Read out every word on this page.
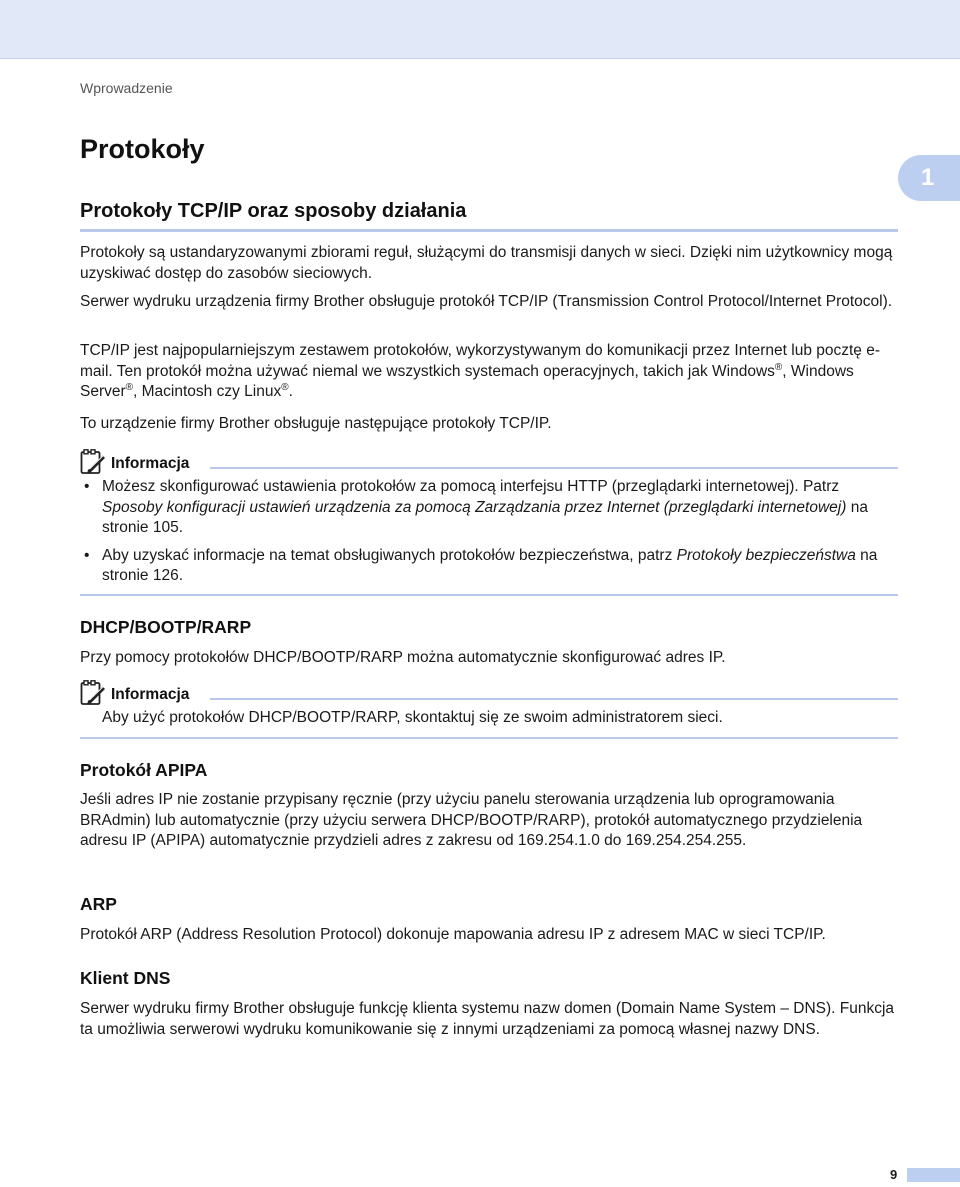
Wprowadzenie
Protokoły
1
Protokoły TCP/IP oraz sposoby działania

Protokoły są ustandaryzowanymi zbiorami reguł, służącymi do transmisji danych w sieci. Dzięki nim użytkownicy mogą uzyskiwać dostęp do zasobów sieciowych.

Serwer wydruku urządzenia firmy Brother obsługuje protokół TCP/IP (Transmission Control Protocol/Internet Protocol).

TCP/IP jest najpopularniejszym zestawem protokołów, wykorzystywanym do komunikacji przez Internet lub pocztę e-mail. Ten protokół można używać niemal we wszystkich systemach operacyjnych, takich jak Windows®, Windows Server®, Macintosh czy Linux®.

To urządzenie firmy Brother obsługuje następujące protokoły TCP/IP.

Informacja
• Możesz skonfigurować ustawienia protokołów za pomocą interfejsu HTTP (przeglądarki internetowej). Patrz Sposoby konfiguracji ustawień urządzenia za pomocą Zarządzania przez Internet (przeglądarki internetowej) na stronie 105.
• Aby uzyskać informacje na temat obsługiwanych protokołów bezpieczeństwa, patrz Protokoły bezpieczeństwa na stronie 126.
DHCP/BOOTP/RARP

Przy pomocy protokołów DHCP/BOOTP/RARP można automatycznie skonfigurować adres IP.

Informacja

Aby użyć protokołów DHCP/BOOTP/RARP, skontaktuj się ze swoim administratorem sieci.

Protokół APIPA

Jeśli adres IP nie zostanie przypisany ręcznie (przy użyciu panelu sterowania urządzenia lub oprogramowania BRAdmin) lub automatycznie (przy użyciu serwera DHCP/BOOTP/RARP), protokół automatycznego przydzielenia adresu IP (APIPA) automatycznie przydzieli adres z zakresu od 169.254.1.0 do 169.254.254.255.

ARP

Protokół ARP (Address Resolution Protocol) dokonuje mapowania adresu IP z adresem MAC w sieci TCP/IP.

Klient DNS

Serwer wydruku firmy Brother obsługuje funkcję klienta systemu nazw domen (Domain Name System – DNS). Funkcja ta umożliwia serwerowi wydruku komunikowanie się z innymi urządzeniami za pomocą własnej nazwy DNS.

9
